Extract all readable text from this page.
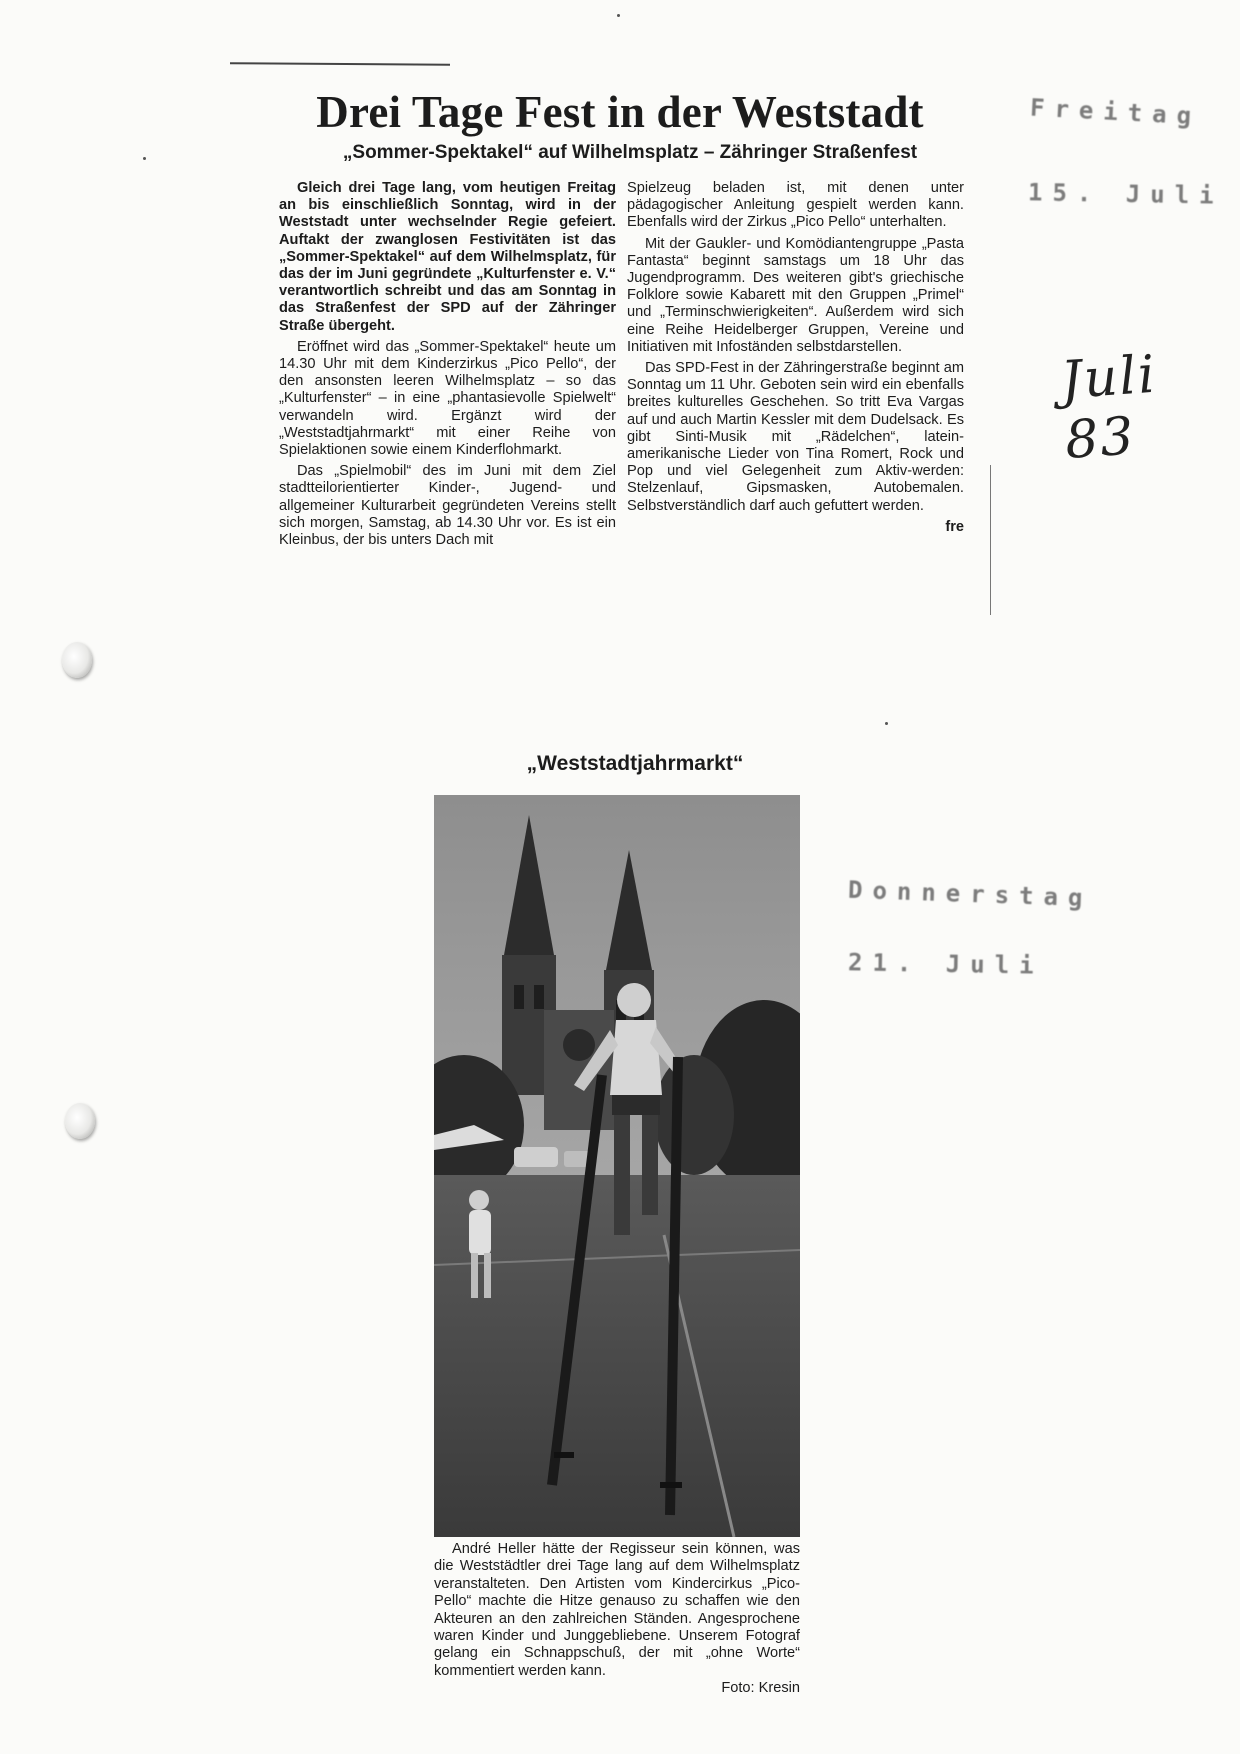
Drei Tage Fest in der Weststadt
„Sommer-Spektakel“ auf Wilhelmsplatz – Zähringer Straßenfest

Gleich drei Tage lang, vom heutigen Freitag an bis einschließlich Sonntag, wird in der Weststadt unter wechselnder Regie gefeiert. Auftakt der zwanglosen Festivitäten ist das „Sommer-Spektakel“ auf dem Wilhelmsplatz, für das der im Juni gegründete „Kulturfenster e. V.“ verantwortlich schreibt und das am Sonntag in das Straßenfest der SPD auf der Zähringer Straße übergeht.

Eröffnet wird das „Sommer-Spektakel“ heute um 14.30 Uhr mit dem Kinderzirkus „Pico Pello“, der den ansonsten leeren Wilhelmsplatz – so das „Kulturfenster“ – in eine „phantasievolle Spielwelt“ verwandeln wird. Ergänzt wird der „Weststadtjahrmarkt“ mit einer Reihe von Spielaktionen sowie einem Kinderflohmarkt.

Das „Spielmobil“ des im Juni mit dem Ziel stadtteilorientierter Kinder-, Jugend- und allgemeiner Kulturarbeit gegründeten Vereins stellt sich morgen, Samstag, ab 14.30 Uhr vor. Es ist ein Kleinbus, der bis unters Dach mit

Spielzeug beladen ist, mit denen unter pädagogischer Anleitung gespielt werden kann. Ebenfalls wird der Zirkus „Pico Pello“ unterhalten.

Mit der Gaukler- und Komödiantengruppe „Pasta Fantasta“ beginnt samstags um 18 Uhr das Jugendprogramm. Des weiteren gibt's griechische Folklore sowie Kabarett mit den Gruppen „Primel“ und „Terminschwierigkeiten“. Außerdem wird sich eine Reihe Heidelberger Gruppen, Vereine und Initiativen mit Infoständen selbstdarstellen.

Das SPD-Fest in der Zähringerstraße beginnt am Sonntag um 11 Uhr. Geboten sein wird ein ebenfalls breites kulturelles Geschehen. So tritt Eva Vargas auf und auch Martin Kessler mit dem Dudelsack. Es gibt Sinti-Musik mit „Rädelchen“, latein-amerikanische Lieder von Tina Romert, Rock und Pop und viel Gelegenheit zum Aktiv-werden: Stelzenlauf, Gipsmasken, Autobemalen. Selbstverständlich darf auch gefuttert werden.

fre
Freitag
15. Juli
Juli 83
Donnerstag
21. Juli
„Weststadtjahrmarkt“

André Heller hätte der Regisseur sein können, was die Weststädtler drei Tage lang auf dem Wilhelmsplatz veranstalteten. Den Artisten vom Kindercirkus „Pico-Pello“ machte die Hitze genauso zu schaffen wie den Akteuren an den zahlreichen Ständen. Angesprochene waren Kinder und Junggebliebene. Unserem Fotograf gelang ein Schnappschuß, der mit „ohne Worte“ kommentiert werden kann.
Foto: Kresin
